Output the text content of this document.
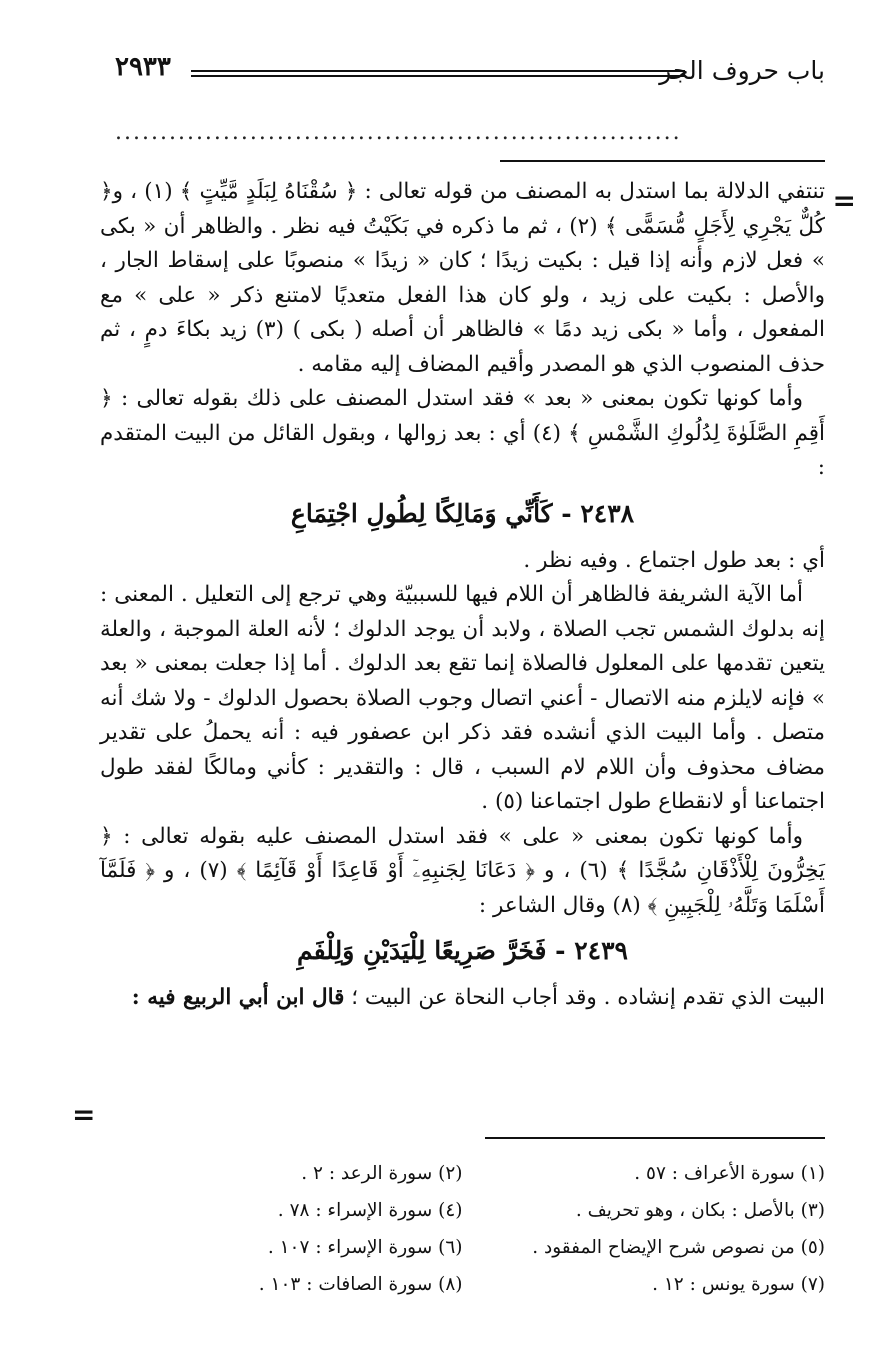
باب حروف الجر
٢٩٣٣
...............................................................
=

تنتفي الدلالة بما استدل به المصنف من قوله تعالى : ﴿ سُقْنَاهُ لِبَلَدٍ مَّيِّتٍ ﴾ (١) ، و﴿ كُلٌّ يَجْرِي لِأَجَلٍ مُّسَمًّى ﴾ (٢) ، ثم ما ذكره في بَكَيْتُ فيه نظر . والظاهر أن « بكى » فعل لازم وأنه إذا قيل : بكيت زيدًا ؛ كان « زيدًا » منصوبًا على إسقاط الجار ، والأصل : بكيت على زيد ، ولو كان هذا الفعل متعديًا لامتنع ذكر « على » مع المفعول ، وأما « بكى زيد دمًا » فالظاهر أن أصله ( بكى ) (٣) زيد بكاءَ دمٍ ، ثم حذف المنصوب الذي هو المصدر وأقيم المضاف إليه مقامه .

وأما كونها تكون بمعنى « بعد » فقد استدل المصنف على ذلك بقوله تعالى : ﴿ أَقِمِ الصَّلَوٰةَ لِدُلُوكِ الشَّمْسِ ﴾ (٤) أي : بعد زوالها ، وبقول القائل من البيت المتقدم :

٢٤٣٨ - كَأَنِّي وَمَالِكًا لِطُولِ اجْتِمَاعِ

أي : بعد طول اجتماع . وفيه نظر .

أما الآية الشريفة فالظاهر أن اللام فيها للسببيّة وهي ترجع إلى التعليل . المعنى : إنه بدلوك الشمس تجب الصلاة ، ولابد أن يوجد الدلوك ؛ لأنه العلة الموجبة ، والعلة يتعين تقدمها على المعلول فالصلاة إنما تقع بعد الدلوك . أما إذا جعلت بمعنى « بعد » فإنه لايلزم منه الاتصال - أعني اتصال وجوب الصلاة بحصول الدلوك - ولا شك أنه متصل . وأما البيت الذي أنشده فقد ذكر ابن عصفور فيه : أنه يحملُ على تقدير مضاف محذوف وأن اللام لام السبب ، قال : والتقدير : كأني ومالكًا لفقد طول اجتماعنا أو لانقطاع طول اجتماعنا (٥) .

وأما كونها تكون بمعنى « على » فقد استدل المصنف عليه بقوله تعالى : ﴿ يَخِرُّونَ لِلْأَذْقَانِ سُجَّدًا ﴾ (٦) ، و ﴿ دَعَانَا لِجَنبِهِۦٓ أَوْ قَاعِدًا أَوْ قَآئِمًا ﴾ (٧) ، و ﴿ فَلَمَّآ أَسْلَمَا وَتَلَّهُۥ لِلْجَبِينِ ﴾ (٨) وقال الشاعر :

٢٤٣٩ - فَخَرَّ صَرِيعًا لِلْيَدَيْنِ وَلِلْفَمِ

البيت الذي تقدم إنشاده . وقد أجاب النحاة عن البيت ؛ قال ابن أبي الربيع فيه :

=
(١) سورة الأعراف : ٥٧ .
(٢) سورة الرعد : ٢ .
(٣) بالأصل : بكان ، وهو تحريف .
(٤) سورة الإسراء : ٧٨ .
(٥) من نصوص شرح الإيضاح المفقود .
(٦) سورة الإسراء : ١٠٧ .
(٧) سورة يونس : ١٢ .
(٨) سورة الصافات : ١٠٣ .
